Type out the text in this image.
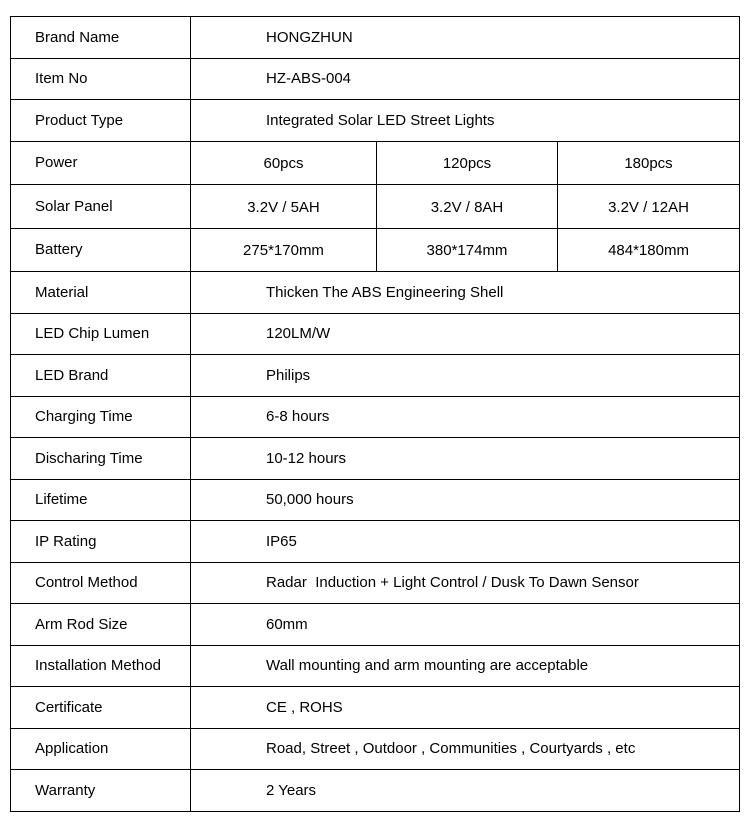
Brand Name	HONGZHUN		
Item No	HZ-ABS-004		
Product Type	Integrated Solar LED Street Lights		
Power	60pcs	120pcs	180pcs
Solar Panel	3.2V / 5AH	3.2V / 8AH	3.2V / 12AH
Battery	275*170mm	380*174mm	484*180mm
Material	Thicken The ABS Engineering Shell		
LED Chip Lumen	120LM/W		
LED Brand	Philips		
Charging Time	6-8 hours		
Discharing Time	10-12 hours		
Lifetime	50,000 hours		
IP Rating	IP65		
Control Method	Radar  Induction + Light Control / Dusk To Dawn Sensor		
Arm Rod Size	60mm		
Installation Method	Wall mounting and arm mounting are acceptable		
Certificate	CE , ROHS		
Application	Road, Street , Outdoor , Communities , Courtyards , etc		
Warranty	2 Years		
